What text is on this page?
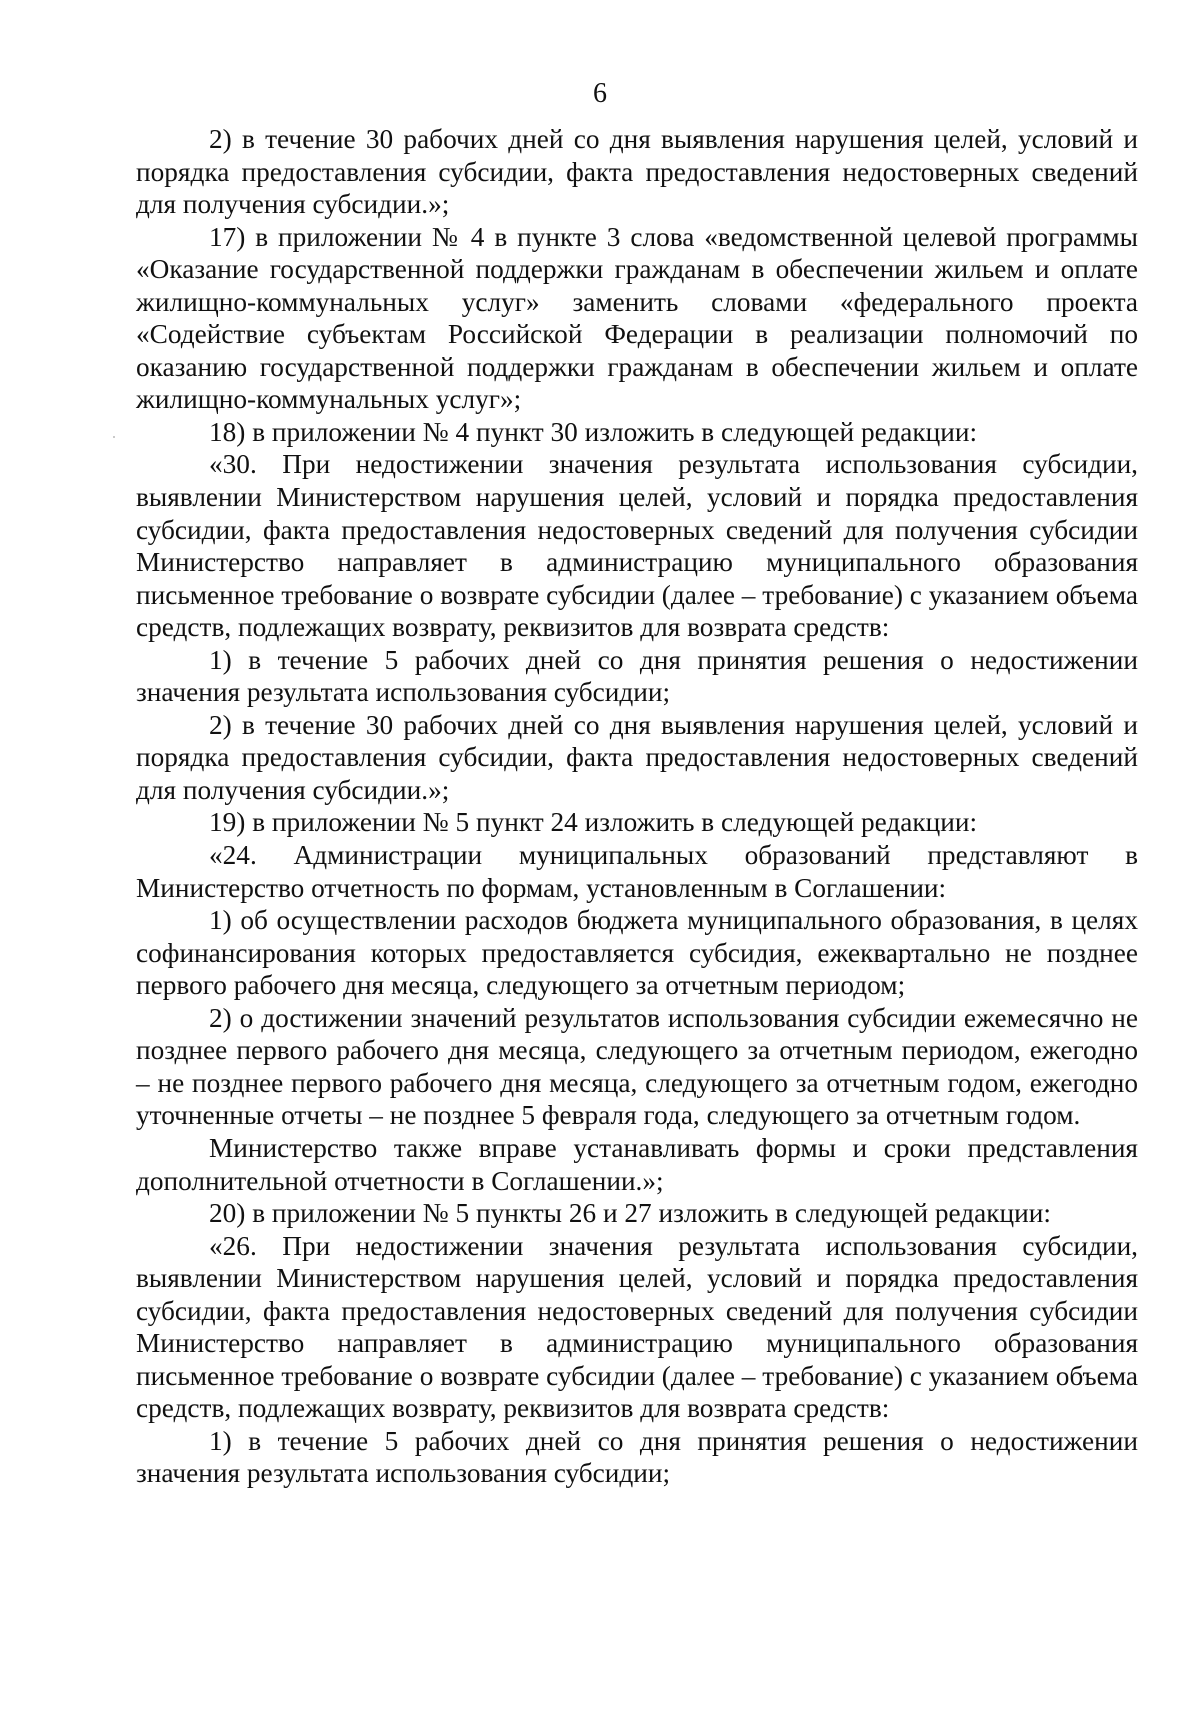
6

2) в течение 30 рабочих дней со дня выявления нарушения целей, условий и порядка предоставления субсидии, факта предоставления недостоверных сведений для получения субсидии.»;

17) в приложении № 4 в пункте 3 слова «ведомственной целевой программы «Оказание государственной поддержки гражданам в обеспечении жильем и оплате жилищно-коммунальных услуг» заменить словами «федерального проекта «Содействие субъектам Российской Федерации в реализации полномочий по оказанию государственной поддержки гражданам в обеспечении жильем и оплате жилищно-коммунальных услуг»;

18) в приложении № 4 пункт 30 изложить в следующей редакции:

«30. При недостижении значения результата использования субсидии, выявлении Министерством нарушения целей, условий и порядка предоставления субсидии, факта предоставления недостоверных сведений для получения субсидии Министерство направляет в администрацию муниципального образования письменное требование о возврате субсидии (далее – требование) с указанием объема средств, подлежащих возврату, реквизитов для возврата средств:

1) в течение 5 рабочих дней со дня принятия решения о недостижении значения результата использования субсидии;

2) в течение 30 рабочих дней со дня выявления нарушения целей, условий и порядка предоставления субсидии, факта предоставления недостоверных сведений для получения субсидии.»;

19) в приложении № 5 пункт 24 изложить в следующей редакции:

«24. Администрации муниципальных образований представляют в Министерство отчетность по формам, установленным в Соглашении:

1) об осуществлении расходов бюджета муниципального образования, в целях софинансирования которых предоставляется субсидия, ежеквартально не позднее первого рабочего дня месяца, следующего за отчетным периодом;

2) о достижении значений результатов использования субсидии ежемесячно не позднее первого рабочего дня месяца, следующего за отчетным периодом, ежегодно – не позднее первого рабочего дня месяца, следующего за отчетным годом, ежегодно уточненные отчеты – не позднее 5 февраля года, следующего за отчетным годом.

Министерство также вправе устанавливать формы и сроки представления дополнительной отчетности в Соглашении.»;

20) в приложении № 5 пункты 26 и 27 изложить в следующей редакции:

«26. При недостижении значения результата использования субсидии, выявлении Министерством нарушения целей, условий и порядка предоставления субсидии, факта предоставления недостоверных сведений для получения субсидии Министерство направляет в администрацию муниципального образования письменное требование о возврате субсидии (далее – требование) с указанием объема средств, подлежащих возврату, реквизитов для возврата средств:

1) в течение 5 рабочих дней со дня принятия решения о недостижении значения результата использования субсидии;
